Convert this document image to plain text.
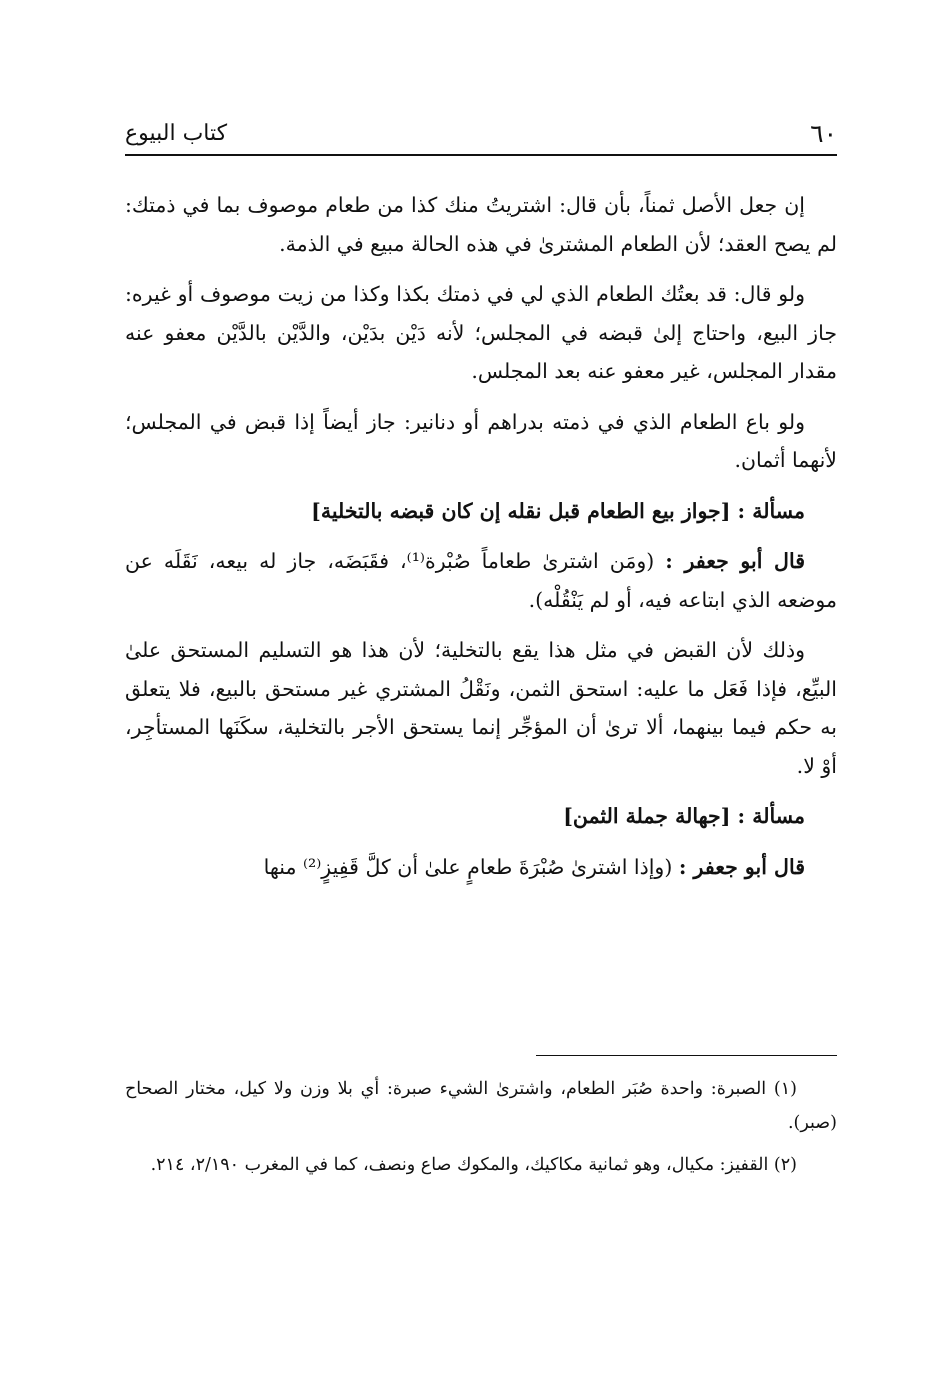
٦٠
كتاب البيوع

إن جعل الأصل ثمناً، بأن قال: اشتريتُ منك كذا من طعام موصوف بما في ذمتك: لم يصح العقد؛ لأن الطعام المشترىٰ في هذه الحالة مبيع في الذمة.

ولو قال: قد بعتُك الطعام الذي لي في ذمتك بكذا وكذا من زيت موصوف أو غيره: جاز البيع، واحتاج إلىٰ قبضه في المجلس؛ لأنه دَيْن بدَيْن، والدَّيْن بالدَّيْن معفو عنه مقدار المجلس، غير معفو عنه بعد المجلس.

ولو باع الطعام الذي في ذمته بدراهم أو دنانير: جاز أيضاً إذا قبض في المجلس؛ لأنهما أثمان.

مسألة : [جواز بيع الطعام قبل نقله إن كان قبضه بالتخلية]

قال أبو جعفر : (ومَن اشترىٰ طعاماً صُبْرة⁽¹⁾، فقَبَضَه، جاز له بيعه، نَقَلَه عن موضعه الذي ابتاعه فيه، أو لم يَنْقُلْه).

وذلك لأن القبض في مثل هذا يقع بالتخلية؛ لأن هذا هو التسليم المستحق علىٰ البيِّع، فإذا فَعَل ما عليه: استحق الثمن، ونَقْلُ المشتري غير مستحق بالبيع، فلا يتعلق به حكم فيما بينهما، ألا ترىٰ أن المؤجِّر إنما يستحق الأجر بالتخلية، سكَنَها المستأجِر، أوْ لا.

مسألة : [جهالة جملة الثمن]

قال أبو جعفر : (وإذا اشترىٰ صُبْرَةَ طعامٍ علىٰ أن كلَّ قَفِيزٍ⁽²⁾ منها

(١) الصبرة: واحدة صُبَر الطعام، واشترىٰ الشيء صبرة: أي بلا وزن ولا كيل، مختار الصحاح (صبر).

(٢) القفيز: مكيال، وهو ثمانية مكاكيك، والمكوك صاع ونصف، كما في المغرب ٢/١٩٠، ٢١٤.
